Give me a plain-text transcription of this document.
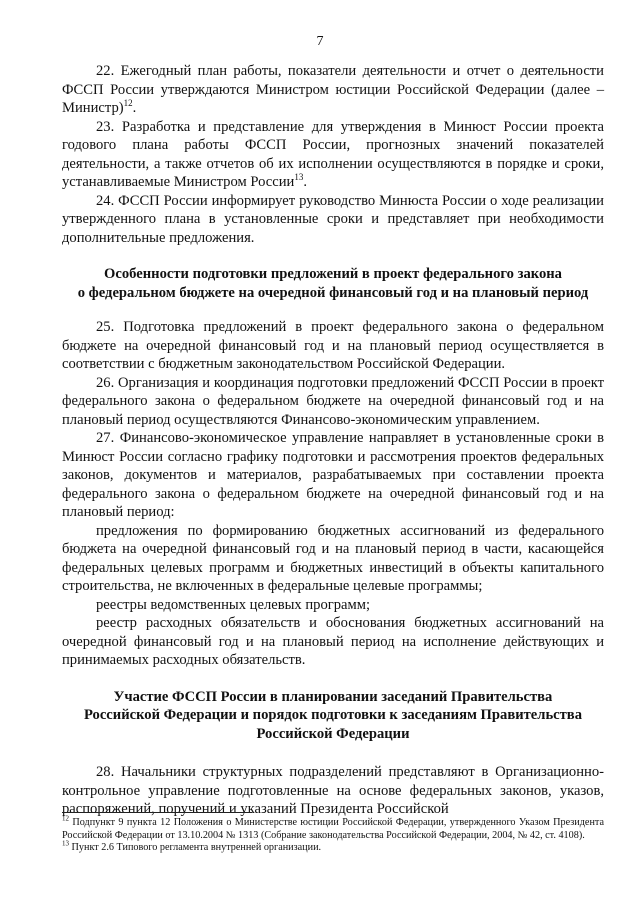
7

22. Ежегодный план работы, показатели деятельности и отчет о деятельности ФССП России утверждаются Министром юстиции Российской Федерации (далее – Министр)$^{12}$.

23. Разработка и представление для утверждения в Минюст России проекта годового плана работы ФССП России, прогнозных значений показателей деятельности, а также отчетов об их исполнении осуществляются в порядке и сроки, устанавливаемые Министром России$^{13}$.

24. ФССП России информирует руководство Минюста России о ходе реализации утвержденного плана в установленные сроки и представляет при необходимости дополнительные предложения.

Особенности подготовки предложений в проект федерального закона
о федеральном бюджете на очередной финансовый год и на плановый период

25. Подготовка предложений в проект федерального закона о федеральном бюджете на очередной финансовый год и на плановый период осуществляется в соответствии с бюджетным законодательством Российской Федерации.

26. Организация и координация подготовки предложений ФССП России в проект федерального закона о федеральном бюджете на очередной финансовый год и на плановый период осуществляются Финансово-экономическим управлением.

27. Финансово-экономическое управление направляет в установленные сроки в Минюст России согласно графику подготовки и рассмотрения проектов федеральных законов, документов и материалов, разрабатываемых при составлении проекта федерального закона о федеральном бюджете на очередной финансовый год и на плановый период:

предложения по формированию бюджетных ассигнований из федерального бюджета на очередной финансовый год и на плановый период в части, касающейся федеральных целевых программ и бюджетных инвестиций в объекты капитального строительства, не включенных в федеральные целевые программы;

реестры ведомственных целевых программ;

реестр расходных обязательств и обоснования бюджетных ассигнований на очередной финансовый год и на плановый период на исполнение действующих и принимаемых расходных обязательств.

Участие ФССП России в планировании заседаний Правительства
Российской Федерации и порядок подготовки к заседаниям Правительства
Российской Федерации

28. Начальники структурных подразделений представляют в Организационно-контрольное управление подготовленные на основе федеральных законов, указов, распоряжений, поручений и указаний Президента Российской

$^{12}$ Подпункт 9 пункта 12 Положения о Министерстве юстиции Российской Федерации, утвержденного Указом Президента Российской Федерации от 13.10.2004 № 1313 (Собрание законодательства Российской Федерации, 2004, № 42, ст. 4108).

$^{13}$ Пункт 2.6 Типового регламента внутренней организации.
